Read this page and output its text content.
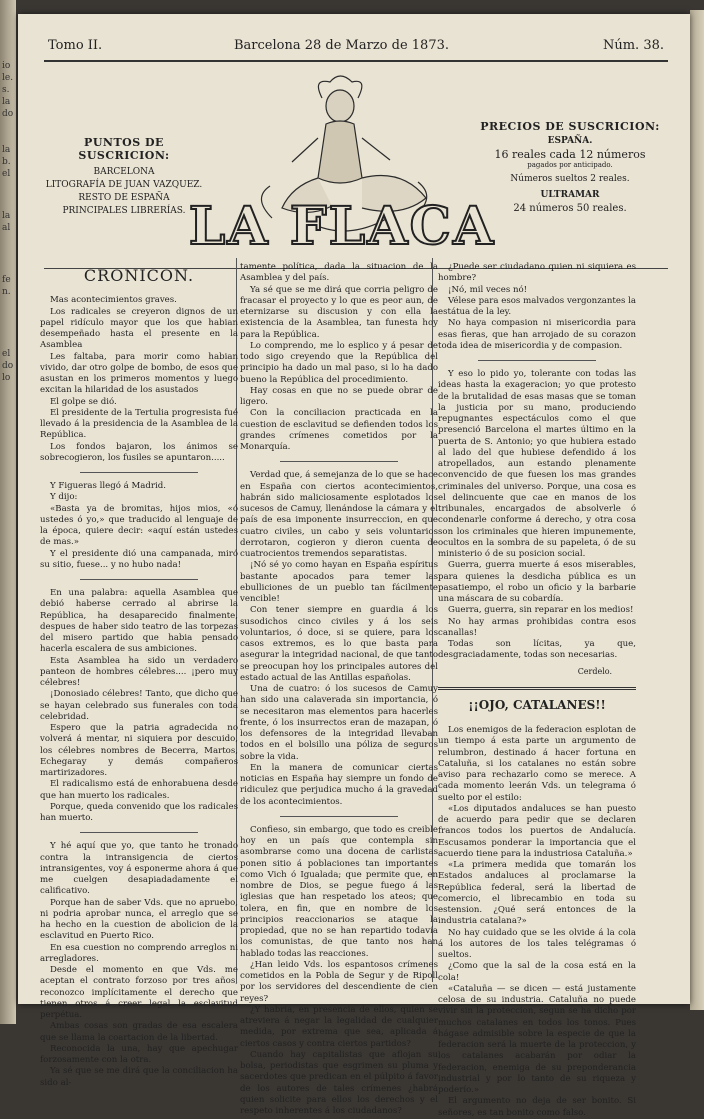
io
le.
s.
la
do
la
b.
el
la
al
fe
n.
el
do
lo
Tomo II.	Barcelona 28 de Marzo de 1873.	Núm. 38.
PUNTOS DE SUSCRICION:
BARCELONA
LITOGRAFÍA DE JUAN VAZQUEZ.
RESTO DE ESPAÑA
PRINCIPALES LIBRERÍAS. LA FLACA
PRECIOS DE SUSCRICION:
ESPAÑA.
16 reales cada 12 números
pagados por anticipado.
Números sueltos 2 reales.
ULTRAMAR
24 números 50 reales.
CRONICON.

Mas acontecimientos graves.

Los radicales se creyeron dignos de un papel ridículo mayor que los que habian desempeñado hasta el presente en la Asamblea

Les faltaba, para morir como habian vivido, dar otro golpe de bombo, de esos que asustan en los primeros momentos y luego excitan la hilaridad de los asustados

El golpe se dió.

El presidente de la Tertulia progresista fué llevado á la presidencia de la Asamblea de la República.

Los fondos bajaron, los ánimos se sobrecogieron, los fusiles se apuntaron.....

Y Figueras llegó á Madrid.

Y dijo:

«Basta ya de bromitas, hijos mios, «ó ustedes ó yo,» que traducido al lenguaje de la época, quiere decir: «aquí están ustedes de mas.»

Y el presidente dió una campanada, miró su sitio, fuese... y no hubo nada!

En una palabra: aquella Asamblea que debió haberse cerrado al abrirse la República, ha desaparecido finalmente, despues de haber sido teatro de las torpezas del misero partido que habia pensado hacerla escalera de sus ambiciones.

Esta Asamblea ha sido un verdadero panteon de hombres célebres.... ¡pero muy célebres!

¡Donosiado célebres! Tanto, que dicho que se hayan celebrado sus funerales con toda celebridad.

Espero que la patria agradecida no volverá á mentar, ni siquiera por descuido, los célebres nombres de Becerra, Martos, Echegaray y demás compañeros martirizadores.

El radicalismo está de enhorabuena desde que han muerto los radicales.

Porque, queda convenido que los radicales han muerto.

Y hé aquí que yo, que tanto he tronado contra la intransigencia de ciertos intransigentes, voy á esponerme ahora á que me cuelgen desapiadadamente el calificativo.

Porque han de saber Vds. que no apruebo, ni podria aprobar nunca, el arreglo que se ha hecho en la cuestion de abolicion de la esclavitud en Puerto Rico.

En esa cuestion no comprendo arreglos ni arregladores.

Desde el momento en que Vds. me aceptan el contrato forzoso por tres años, reconozco implícitamente el derecho que tienen otros á creer legal la esclavitud perpétua.

Ambas cosas son gradas de esa escalera que se llama la coartacion de la libertad.

Reconocida la una, hay que apechugar forzosamente con la otra.

Ya sé que se me dirá que la conciliacion ha sido al-

tamente política, dada la situacion de la Asamblea y del país.

Ya sé que se me dirá que corria peligro de fracasar el proyecto y lo que es peor aun, de eternizarse su discusion y con ella la existencia de la Asamblea, tan funesta hoy para la República.

Lo comprendo, me lo esplico y á pesar de todo sigo creyendo que la República del principio ha dado un mal paso, si lo ha dado bueno la República del procedimiento.

Hay cosas en que no se puede obrar de ligero.

Con la conciliacion practicada en la cuestion de esclavitud se defienden todos los grandes crímenes cometidos por la Monarquía.

Verdad que, á semejanza de lo que se hace en España con ciertos acontecimientos, habrán sido maliciosamente esplotados los sucesos de Camuy, llenándose la cámara y el país de esa imponente insurreccion, en que cuatro civiles, un cabo y seis voluntarios derrotaron, cogieron y dieron cuenta de cuatrocientos tremendos separatistas.

¡Nó sé yo como hayan en España espíritus bastante apocados para temer las ebulliciones de un pueblo tan fácilmente vencible!

Con tener siempre en guardia á los susodichos cinco civiles y á los seis voluntarios, ó doce, si se quiere, para los casos extremos, es lo que basta para asegurar la integridad nacional, de que tanto se preocupan hoy los principales autores del estado actual de las Antillas españolas.

Una de cuatro: ó los sucesos de Camuy han sido una calaverada sin importancia, ó se necesitaron mas elementos para hacerles frente, ó los insurrectos eran de mazapan, ó los defensores de la integridad llevaban todos en el bolsillo una póliza de seguros sobre la vida.

En la manera de comunicar ciertas noticias en España hay siempre un fondo de ridiculez que perjudica mucho á la gravedad de los acontecimientos.

Confieso, sin embargo, que todo es creible hoy en un país que contempla sin asombrarse como una docena de carlistas ponen sitio á poblaciones tan importantes como Vich ó Igualada; que permite que, en nombre de Dios, se pegue fuego á las iglesias que han respetado los ateos; que tolera, en fin, que en nombre de los principios reaccionarios se ataque la propiedad, que no se han repartido todavía los comunistas, de que tanto nos han hablado todas las reacciones.

¿Han leido Vds. los espantosos crímenes cometidos en la Pobla de Segur y de Ripoll por los servidores del descendiente de cien reyes?

¿Y habria, en presencia de ellos, quien se atreviera á negar la legalidad de cualquier medida, por extrema que sea, aplicada á ciertos casos y contra ciertos partidos?

Cuando hay capitalistas que aflojan su bolsa, periodistas que esgrimen su pluma y sacerdotes que predican en el púlpito á favor de los autores de tales crímenes ¿habrá quien solicite para ellos los derechos y el respeto inherentes á los ciudadanos?

¿Puede ser ciudadano quien ni siquiera es hombre?

¡Nó, mil veces nó!

Vélese para esos malvados vergonzantes la estátua de la ley.

No haya compasion ni misericordia para esas fieras, que han arrojado de su corazon toda idea de misericordia y de compasion.

Y eso lo pido yo, tolerante con todas las ideas hasta la exageracion; yo que protesto de la brutalidad de esas masas que se toman la justicia por su mano, produciendo repugnantes espectáculos como el que presenció Barcelona el martes último en la puerta de S. Antonio; yo que hubiera estado al lado del que hubiese defendido á los atropellados, aun estando plenamente convencido de que fuesen los mas grandes criminales del universo. Porque, una cosa es el delincuente que cae en manos de los tribunales, encargados de absolverle ó condenarle conforme á derecho, y otra cosa son los criminales que hieren impunemente, ocultos en la sombra de su papeleta, ó de su ministerio ó de su posicion social.

Guerra, guerra muerte á esos miserables, para quienes la desdicha pública es un pasatiempo, el robo un oficio y la barbarie una máscara de su cobardía.

Guerra, guerra, sin reparar en los medios!

No hay armas prohibidas contra esos canallas!

Todas son lícitas, ya que, desgraciadamente, todas son necesarias.

Cerdelo.
¡¡OJO, CATALANES!!

Los enemigos de la federacion esplotan de un tiempo á esta parte un argumento de relumbron, destinado á hacer fortuna en Cataluña, si los catalanes no están sobre aviso para rechazarlo como se merece. A cada momento leerán Vds. un telegrama ó suelto por el estilo:

«Los diputados andaluces se han puesto de acuerdo para pedir que se declaren francos todos los puertos de Andalucía. Escusamos ponderar la importancia que el acuerdo tiene para la industriosa Cataluña.»

«La primera medida que tomarán los Estados andaluces al proclamarse la República federal, será la libertad de comercio, el librecambio en toda su estension. ¿Qué será entonces de la industria catalana?»

No hay cuidado que se les olvide á la cola á los autores de los tales telégramas ó sueltos.

¿Como que la sal de la cosa está en la cola!

«Cataluña — se dicen — está justamente celosa de su industria. Cataluña no puede vivir sin la proteccion, segun se ha dicho por muchos catalanes en todos los tonos. Pues hágase admisible sobre la especie de que la federacion será la muerte de la proteccion, y los catalanes acabarán por odiar la federacion, enemiga de su preponderancia industrial y por lo tanto de su riqueza y poderío.»

El argumento no deja de ser bonito. Si señores, es tan bonito como falso.
